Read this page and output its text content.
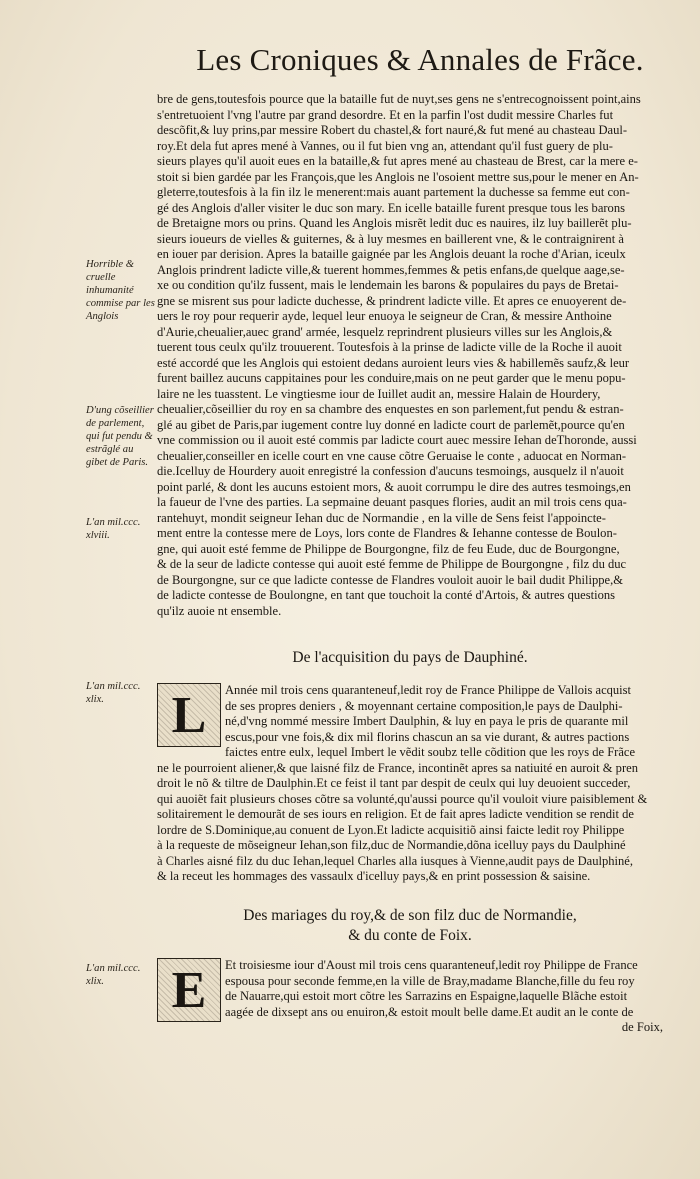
Les Croniques & Annales de Frãce.
bre de gens,toutesfois pource que la bataille fut de nuyt,ses gens ne s'entrecognoissent point,ains
s'entretuoient l'vng l'autre par grand desordre. Et en la parfin l'ost dudit messire Charles fut
descõfit,& luy prins,par messire Robert du chastel,& fort nauré,& fut mené au chasteau Daul-
roy.Et dela fut apres mené à Vannes, ou il fut bien vng an, attendant qu'il fust guery de plu-
sieurs playes qu'il auoit eues en la bataille,& fut apres mené au chasteau de Brest, car la mere e-
stoit si bien gardée par les François,que les Anglois ne l'osoient mettre sus,pour le mener en An-
gleterre,toutesfois à la fin ilz le menerent:mais auant partement la duchesse sa femme eut con-
gé des Anglois d'aller visiter le duc son mary. En icelle bataille furent presque tous les barons
de Bretaigne mors ou prins. Quand les Anglois misrẽt ledit duc es nauires, ilz luy baillerẽt plu-
sieurs ioueurs de vielles & guiternes, & à luy mesmes en baillerent vne, & le contraignirent à
en iouer par derision. Apres la bataille gaignée par les Anglois deuant la roche d'Arian, iceulx
Anglois prindrent ladicte ville,& tuerent hommes,femmes & petis enfans,de quelque aage,se-
xe ou condition qu'ilz fussent, mais le lendemain les barons & populaires du pays de Bretai-
gne se misrent sus pour ladicte duchesse, & prindrent ladicte ville. Et apres ce enuoyerent de-
uers le roy pour requerir ayde, lequel leur enuoya le seigneur de Cran, & messire Anthoine
d'Aurie,cheualier,auec grand' armée, lesquelz reprindrent plusieurs villes sur les Anglois,&
tuerent tous ceulx qu'ilz trouuerent. Toutesfois à la prinse de ladicte ville de la Roche il auoit
esté accordé que les Anglois qui estoient dedans auroient leurs vies & habillemẽs saufz,& leur
furent baillez aucuns cappitaines pour les conduire,mais on ne peut garder que le menu popu-
laire ne les tuasstent. Le vingtiesme iour de Iuillet audit an, messire Halain de Hourdery,
cheualier,cõseillier du roy en sa chambre des enquestes en son parlement,fut pendu & estran-
glé au gibet de Paris,par iugement contre luy donné en ladicte court de parlemẽt,pource qu'en
vne commission ou il auoit esté commis par ladicte court auec messire Iehan deThoronde, aussi
cheualier,conseiller en icelle court en vne cause cõtre Geruaise le conte , aduocat en Norman-
die.Icelluy de Hourdery auoit enregistré la confession d'aucuns tesmoings, ausquelz il n'auoit
point parlé, & dont les aucuns estoient mors, & auoit corrumpu le dire des autres tesmoings,en
la faueur de l'vne des parties. La sepmaine deuant pasques flories, audit an mil trois cens qua-
rantehuyt, mondit seigneur Iehan duc de Normandie , en la ville de Sens feist l'appoincte-
ment entre la contesse mere de Loys, lors conte de Flandres & Iehanne contesse de Boulon-
gne, qui auoit esté femme de Philippe de Bourgongne, filz de feu Eude, duc de Bourgongne,
& de la seur de ladicte contesse qui auoit esté femme de Philippe de Bourgongne , filz du duc
de Bourgongne, sur ce que ladicte contesse de Flandres vouloit auoir le bail dudit Philippe,&
de ladicte contesse de Boulongne, en tant que touchoit la conté d'Artois, & autres questions
qu'ilz auoie nt ensemble.
Horrible & cruelle inhumanité commise par les Anglois
D'ung cõseillier de parlement, qui fut pendu & estrãglé au gibet de Paris.
L'an mil.ccc. xlviii.
L'an mil.ccc. xlix.
L'an mil.ccc. xlix.
De l'acquisition du pays de Dauphiné.
L	Année mil trois cens quaranteneuf,ledit roy de France Philippe de Vallois acquist
de ses propres deniers , & moyennant certaine composition,le pays de Daulphi-
né,d'vng nommé messire Imbert Daulphin, & luy en paya le pris de quarante mil
escus,pour vne fois,& dix mil florins chascun an sa vie durant, & autres pactions
faictes entre eulx, lequel Imbert le vẽdit soubz telle cõdition que les roys de Frãce
ne le pourroient aliener,& que laisné filz de France, incontinẽt apres sa natiuité en auroit & pren
droit le nõ & tiltre de Daulphin.Et ce feist il tant par despit de ceulx qui luy deuoient succeder,
qui auoiẽt fait plusieurs choses cõtre sa volunté,qu'aussi pource qu'il vouloit viure paisiblement &
solitairement le demourãt de ses iours en religion. Et de fait apres ladicte vendition se rendit de
lordre de S.Dominique,au conuent de Lyon.Et ladicte acquisitiõ ainsi faicte ledit roy Philippe
à la requeste de mõseigneur Iehan,son filz,duc de Normandie,dõna icelluy pays du Daulphiné
à Charles aisné filz du duc Iehan,lequel Charles alla iusques à Vienne,audit pays de Daulphiné,
& la receut les hommages des vassaulx d'icelluy pays,& en print possession & saisine.
Des mariages du roy,& de son filz duc de Normandie,
& du conte de Foix.
E	Et troisiesme iour d'Aoust mil trois cens quaranteneuf,ledit roy Philippe de France
espousa pour seconde femme,en la ville de Bray,madame Blanche,fille du feu roy
de Nauarre,qui estoit mort cõtre les Sarrazins en Espaigne,laquelle Blãche estoit
aagée de dixsept ans ou enuiron,& estoit moult belle dame.Et audit an le conte de
de Foix,
